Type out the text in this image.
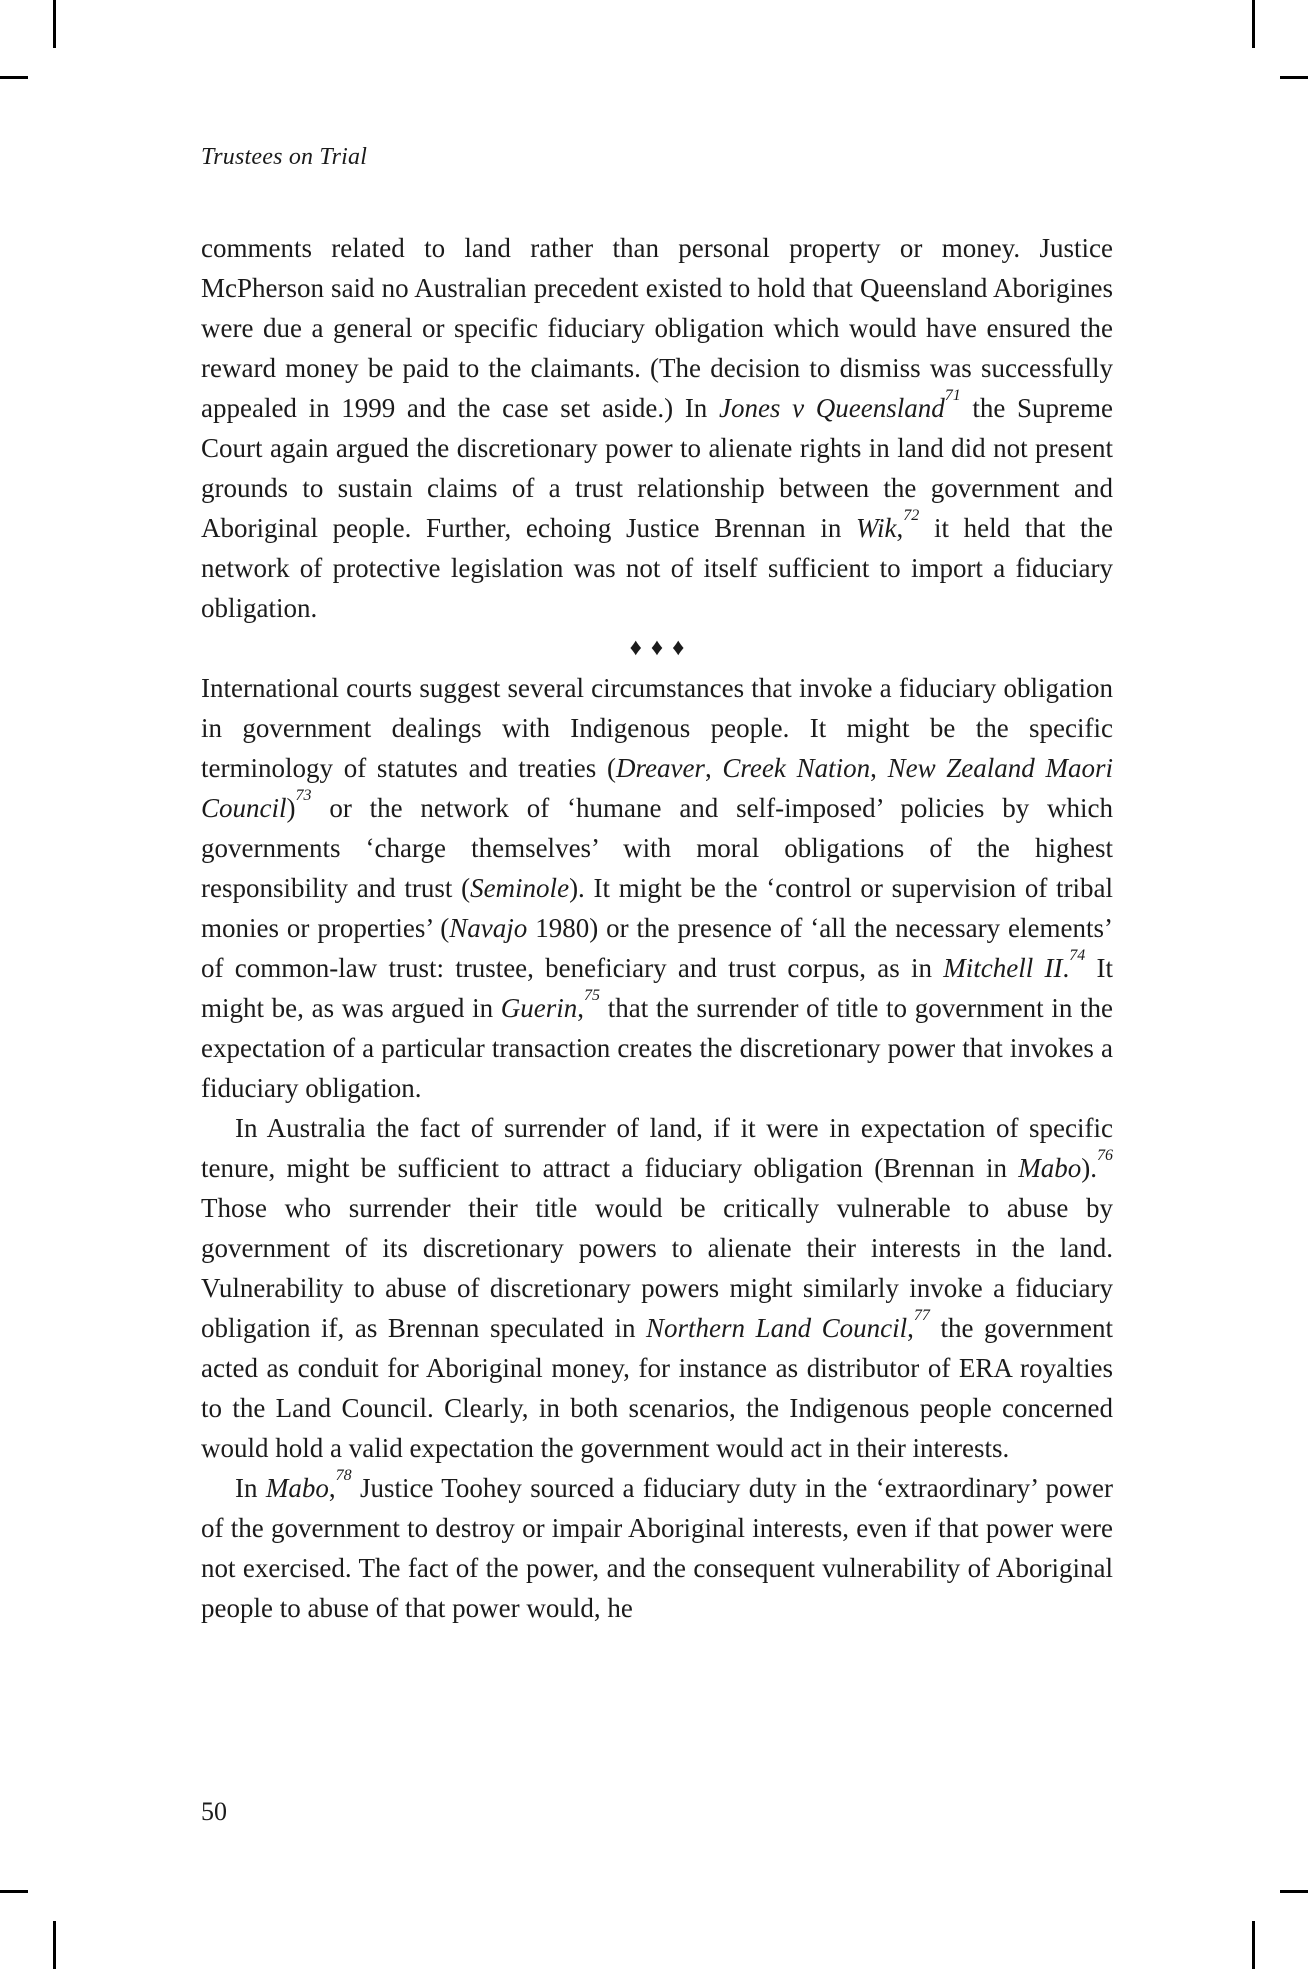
Trustees on Trial

comments related to land rather than personal property or money. Justice McPherson said no Australian precedent existed to hold that Queensland Aborigines were due a general or specific fiduciary obligation which would have ensured the reward money be paid to the claimants. (The decision to dismiss was successfully appealed in 1999 and the case set aside.) In Jones v Queensland$^{71}$ the Supreme Court again argued the discretionary power to alienate rights in land did not present grounds to sustain claims of a trust relationship between the government and Aboriginal people. Further, echoing Justice Brennan in Wik,$^{72}$ it held that the network of protective legislation was not of itself sufficient to import a fiduciary obligation.

♦♦♦

International courts suggest several circumstances that invoke a fiduciary obligation in government dealings with Indigenous people. It might be the specific terminology of statutes and treaties (Dreaver, Creek Nation, New Zealand Maori Council)$^{73}$ or the network of ‘humane and self-imposed’ policies by which governments ‘charge themselves’ with moral obligations of the highest responsibility and trust (Seminole). It might be the ‘control or supervision of tribal monies or properties’ (Navajo 1980) or the presence of ‘all the necessary elements’ of common-law trust: trustee, beneficiary and trust corpus, as in Mitchell II.$^{74}$ It might be, as was argued in Guerin,$^{75}$ that the surrender of title to government in the expectation of a particular transaction creates the discretionary power that invokes a fiduciary obligation.

In Australia the fact of surrender of land, if it were in expectation of specific tenure, might be sufficient to attract a fiduciary obligation (Brennan in Mabo).$^{76}$ Those who surrender their title would be critically vulnerable to abuse by government of its discretionary powers to alienate their interests in the land. Vulnerability to abuse of discretionary powers might similarly invoke a fiduciary obligation if, as Brennan speculated in Northern Land Council,$^{77}$ the government acted as conduit for Aboriginal money, for instance as distributor of ERA royalties to the Land Council. Clearly, in both scenarios, the Indigenous people concerned would hold a valid expectation the government would act in their interests.

In Mabo,$^{78}$ Justice Toohey sourced a fiduciary duty in the ‘extraordinary’ power of the government to destroy or impair Aboriginal interests, even if that power were not exercised. The fact of the power, and the consequent vulnerability of Aboriginal people to abuse of that power would, he

50
